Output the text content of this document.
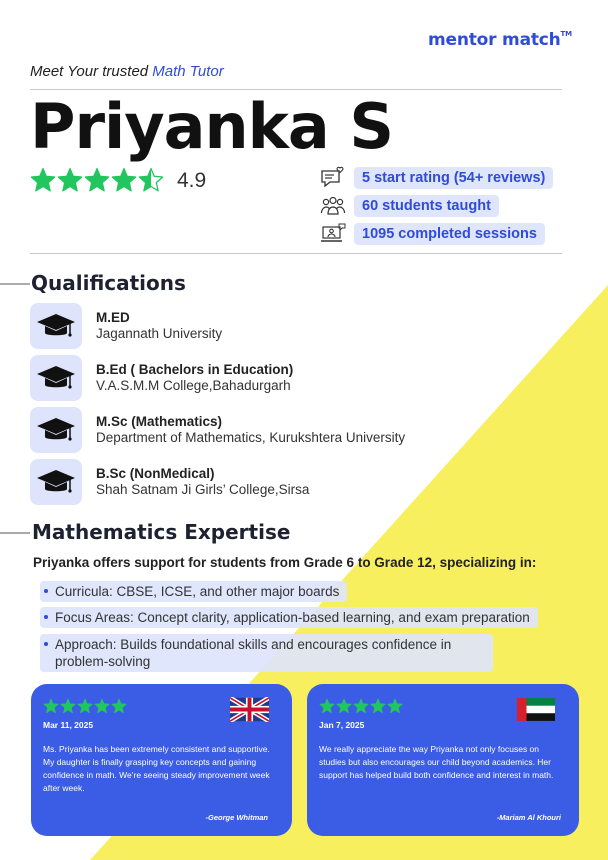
mentor match™
Meet Your trusted Math Tutor
Priyanka S
4.9	5 start rating (54+ reviews)
60 students taught
1095 completed sessions
Qualifications
M.ED
Jagannath University
B.Ed ( Bachelors in Education)
V.A.S.M.M College,Bahadurgarh
M.Sc (Mathematics)
Department of Mathematics, Kurukshtera University
B.Sc (NonMedical)
Shah Satnam Ji Girls’ College,Sirsa
Mathematics Expertise
Priyanka offers support for students from Grade 6 to Grade 12, specializing in:
Curricula: CBSE, ICSE, and other major boards
Focus Areas: Concept clarity, application-based learning, and exam preparation
Approach: Builds foundational skills and encourages confidence in problem-solving
Mar 11, 2025
Ms. Priyanka has been extremely consistent and supportive. My daughter is finally grasping key concepts and gaining confidence in math. We’re seeing steady improvement week after week.
-George Whitman
Jan 7, 2025
We really appreciate the way Priyanka not only focuses on studies but also encourages our child beyond academics. Her support has helped build both confidence and interest in math.
-Mariam Al Khouri
